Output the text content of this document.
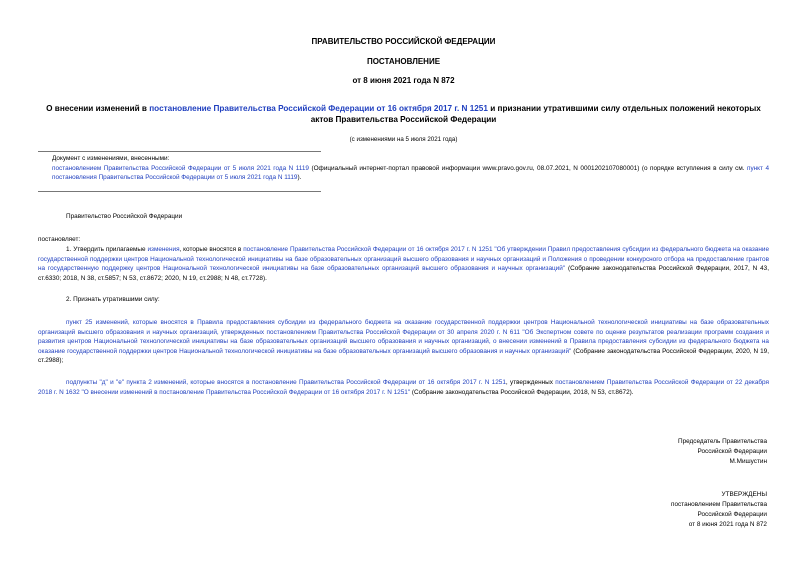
ПРАВИТЕЛЬСТВО РОССИЙСКОЙ ФЕДЕРАЦИИ
ПОСТАНОВЛЕНИЕ
от 8 июня 2021 года N 872
О внесении изменений в постановление Правительства Российской Федерации от 16 октября 2017 г. N 1251 и признании утратившими силу отдельных положений некоторых актов Правительства Российской Федерации
(с изменениями на 5 июля 2021 года)
Документ с изменениями, внесенными:
постановлением Правительства Российской Федерации от 5 июля 2021 года N 1119 (Официальный интернет-портал правовой информации www.pravo.gov.ru, 08.07.2021, N 0001202107080001) (о порядке вступления в силу см. пункт 4 постановления Правительства Российской Федерации от 5 июля 2021 года N 1119).
Правительство Российской Федерации
постановляет:
1. Утвердить прилагаемые изменения, которые вносятся в постановление Правительства Российской Федерации от 16 октября 2017 г. N 1251 "Об утверждении Правил предоставления субсидии из федерального бюджета на оказание государственной поддержки центров Национальной технологической инициативы на базе образовательных организаций высшего образования и научных организаций и Положения о проведении конкурсного отбора на предоставление грантов на государственную поддержку центров Национальной технологической инициативы на базе образовательных организаций высшего образования и научных организаций" (Собрание законодательства Российской Федерации, 2017, N 43, ст.6330; 2018, N 38, ст.5857; N 53, ст.8672; 2020, N 19, ст.2988; N 48, ст.7728).
2. Признать утратившими силу:
пункт 25 изменений, которые вносятся в Правила предоставления субсидии из федерального бюджета на оказание государственной поддержки центров Национальной технологической инициативы на базе образовательных организаций высшего образования и научных организаций, утвержденных постановлением Правительства Российской Федерации от 30 апреля 2020 г. N 611 "Об Экспертном совете по оценке результатов реализации программ создания и развития центров Национальной технологической инициативы на базе образовательных организаций высшего образования и научных организаций, о внесении изменений в Правила предоставления субсидии из федерального бюджета на оказание государственной поддержки центров Национальной технологической инициативы на базе образовательных организаций высшего образования и научных организаций" (Собрание законодательства Российской Федерации, 2020, N 19, ст.2988);
подпункты "д" и "е" пункта 2 изменений, которые вносятся в постановление Правительства Российской Федерации от 16 октября 2017 г. N 1251, утвержденных постановлением Правительства Российской Федерации от 22 декабря 2018 г. N 1632 "О внесении изменений в постановление Правительства Российской Федерации от 16 октября 2017 г. N 1251" (Собрание законодательства Российской Федерации, 2018, N 53, ст.8672).
Председатель Правительства
Российской Федерации
М.Мишустин
УТВЕРЖДЕНЫ
постановлением Правительства
Российской Федерации
от 8 июня 2021 года N 872
